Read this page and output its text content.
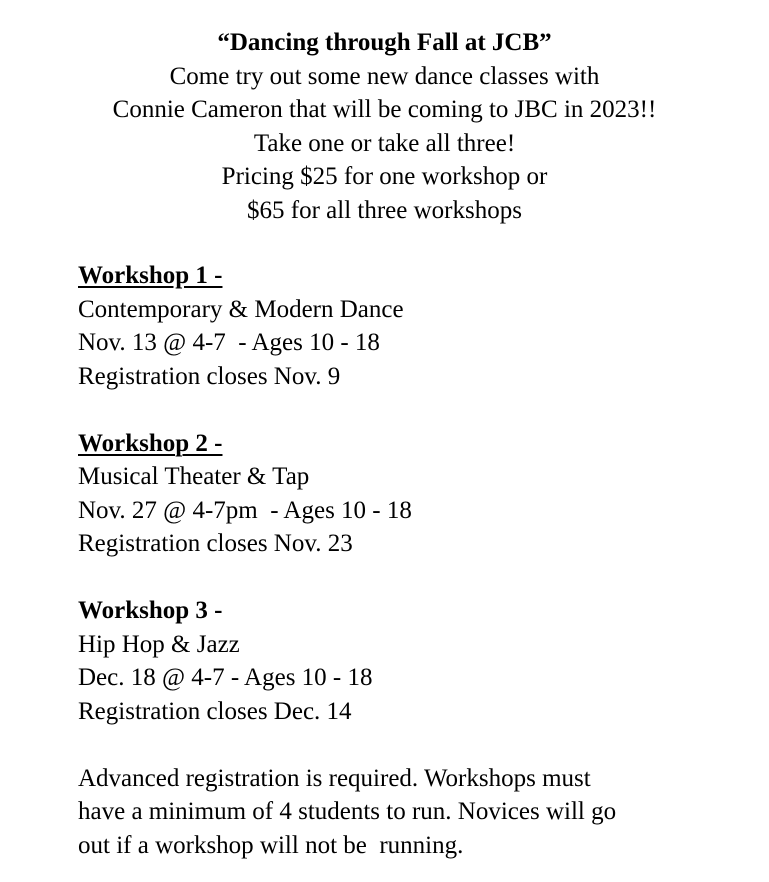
“Dancing through Fall at JCB”
Come try out some new dance classes with
Connie Cameron that will be coming to JBC in 2023!!
Take one or take all three!
Pricing $25 for one workshop or
$65 for all three workshops
Workshop 1 -
Contemporary & Modern Dance
Nov. 13 @ 4-7  - Ages 10 - 18
Registration closes Nov. 9
Workshop 2 -
Musical Theater & Tap
Nov. 27 @ 4-7pm  - Ages 10 - 18
Registration closes Nov. 23
Workshop 3 -
Hip Hop & Jazz
Dec. 18 @ 4-7 - Ages 10 - 18
Registration closes Dec. 14
Advanced registration is required. Workshops must
have a minimum of 4 students to run. Novices will go
out if a workshop will not be  running.
